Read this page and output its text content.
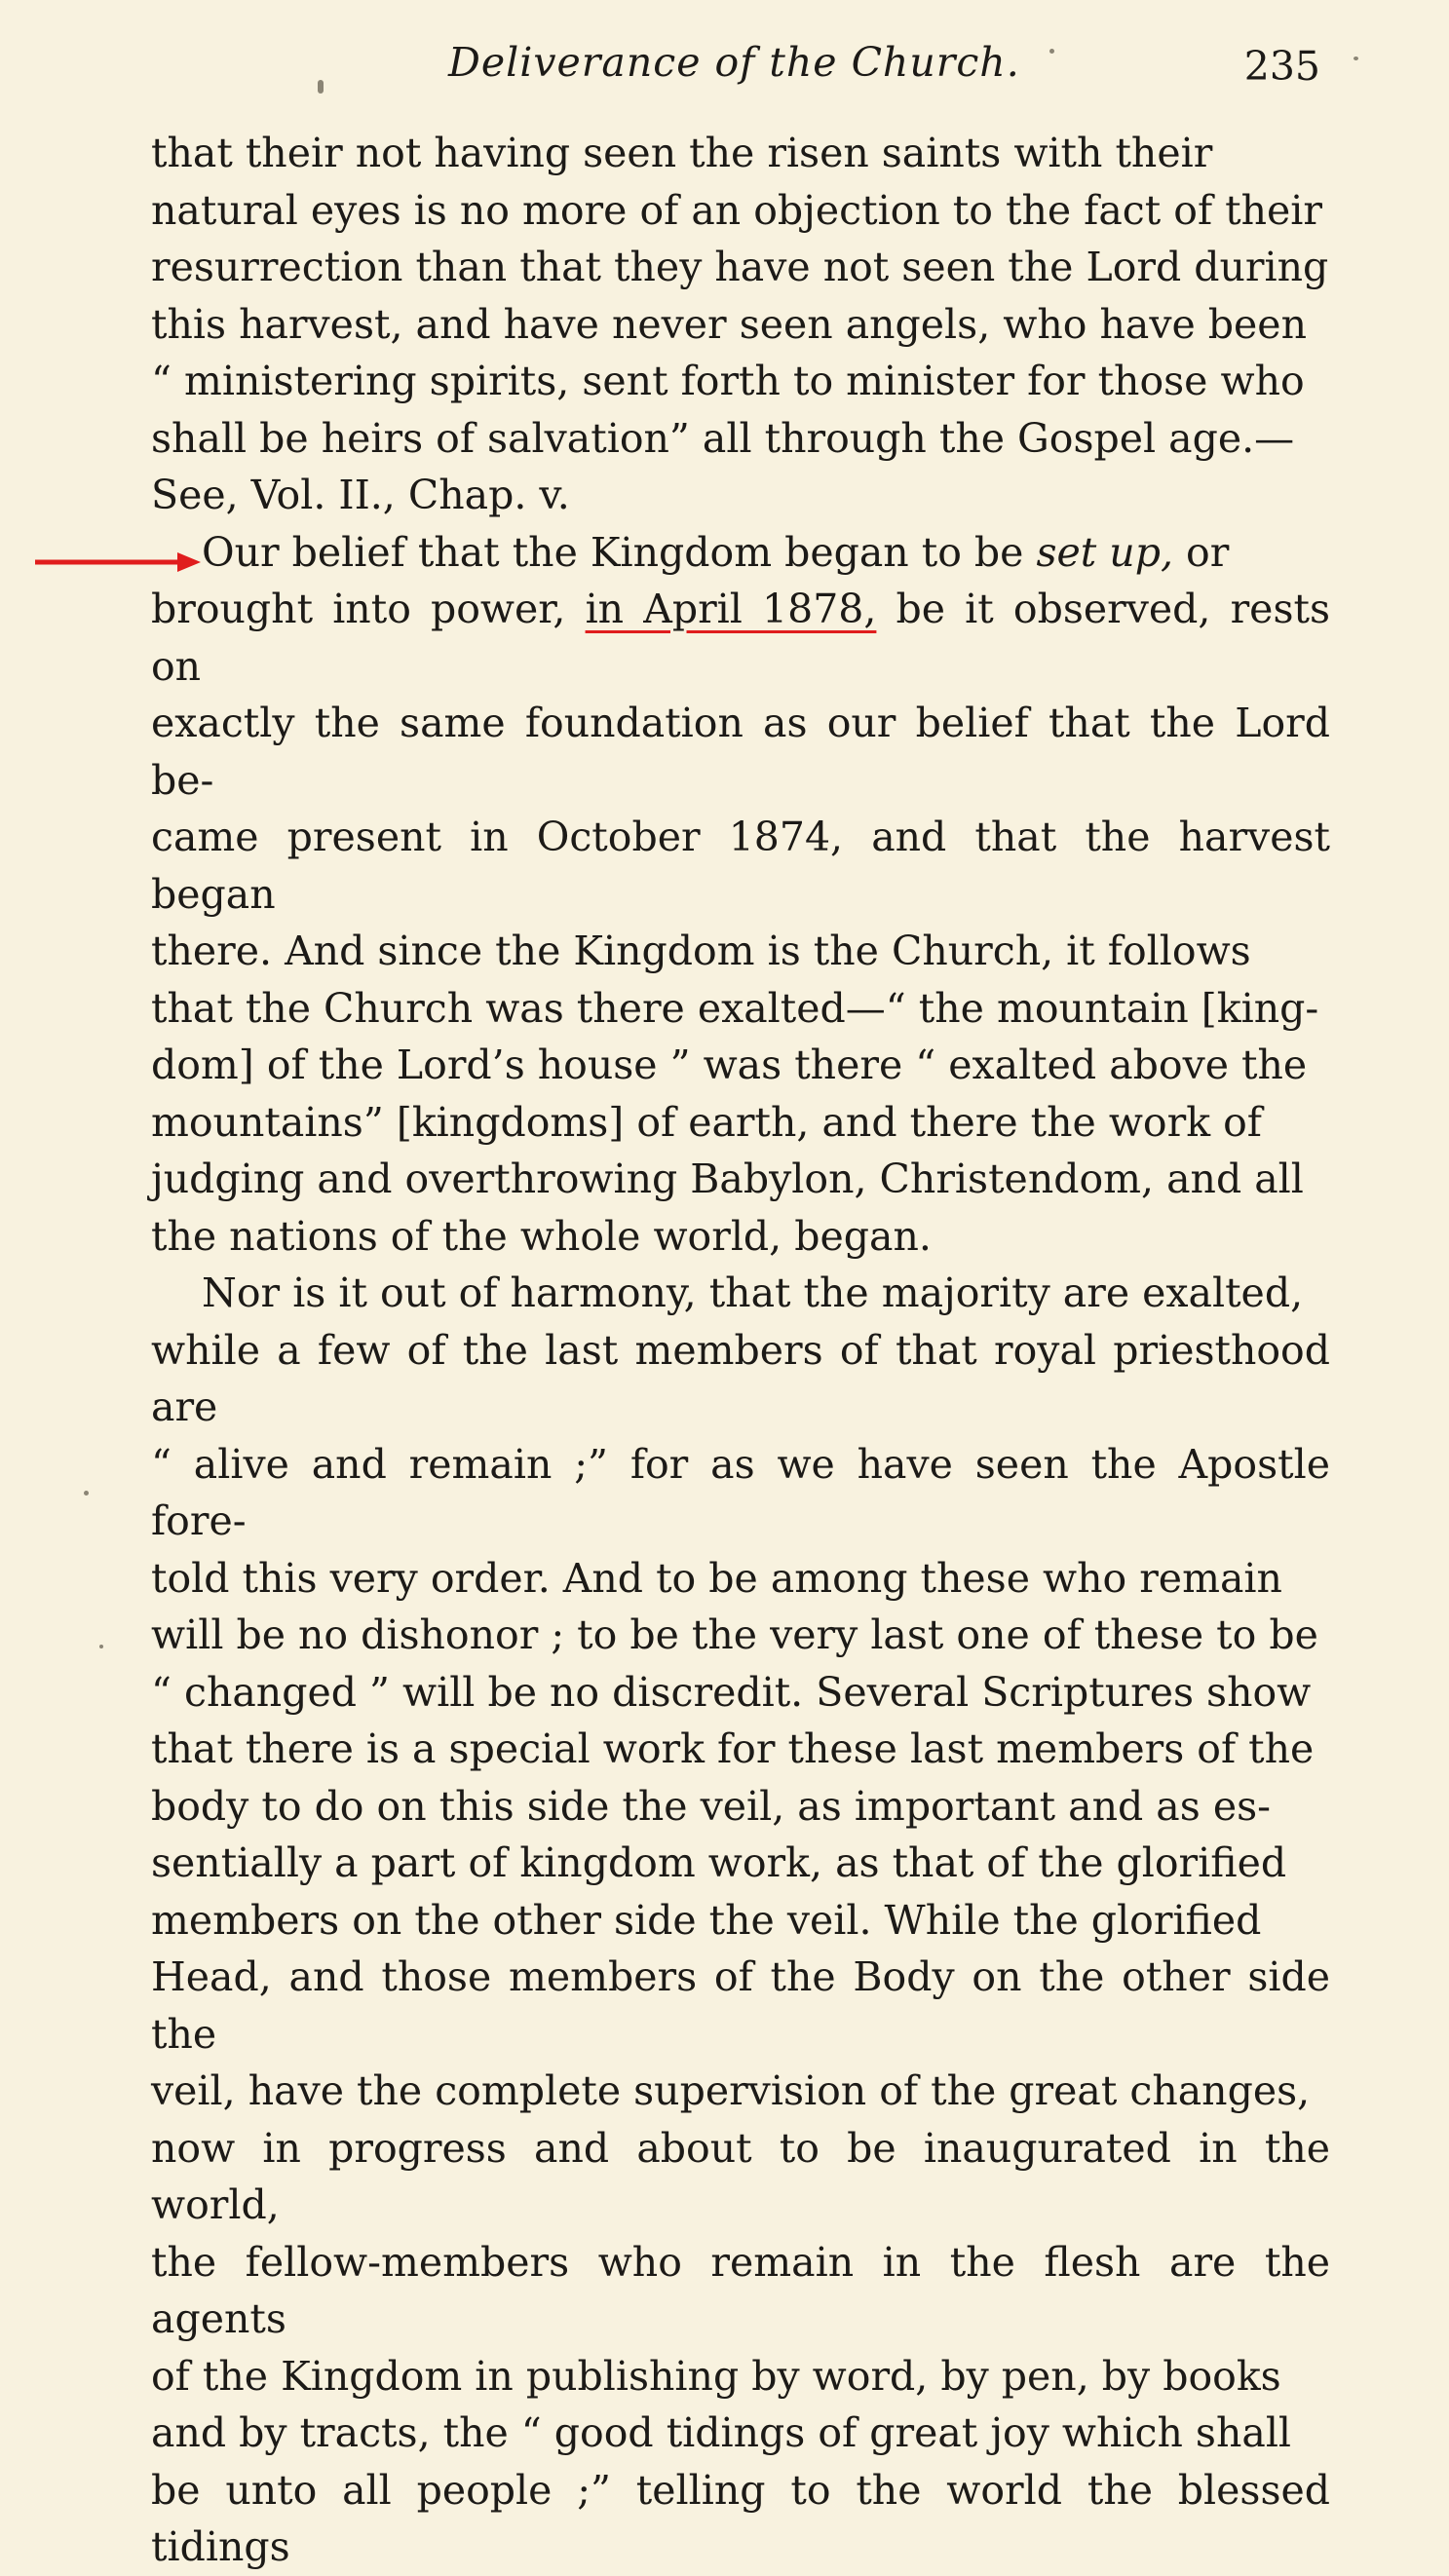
Deliverance of the Church.	235
that their not having seen the risen saints with their
natural eyes is no more of an objection to the fact of their
resurrection than that they have not seen the Lord during
this harvest, and have never seen angels, who have been
“ ministering spirits, sent forth to minister for those who
shall be heirs of salvation” all through the Gospel age.—
See, Vol. II., Chap. v.
Our belief that the Kingdom began to be set up, or
brought into power, in April 1878, be it observed, rests on
exactly the same foundation as our belief that the Lord be-
came present in October 1874, and that the harvest began
there. And since the Kingdom is the Church, it follows
that the Church was there exalted—“ the mountain [king-
dom] of the Lord’s house ” was there “ exalted above the
mountains” [kingdoms] of earth, and there the work of
judging and overthrowing Babylon, Christendom, and all
the nations of the whole world, began.
Nor is it out of harmony, that the majority are exalted,
while a few of the last members of that royal priesthood are
“ alive and remain ;” for as we have seen the Apostle fore-
told this very order. And to be among these who remain
will be no dishonor ; to be the very last one of these to be
“ changed ” will be no discredit. Several Scriptures show
that there is a special work for these last members of the
body to do on this side the veil, as important and as es-
sentially a part of kingdom work, as that of the glorified
members on the other side the veil. While the glorified
Head, and those members of the Body on the other side the
veil, have the complete supervision of the great changes,
now in progress and about to be inaugurated in the world,
the fellow-members who remain in the flesh are the agents
of the Kingdom in publishing by word, by pen, by books
and by tracts, the “ good tidings of great joy which shall
be unto all people ;” telling to the world the blessed tidings
